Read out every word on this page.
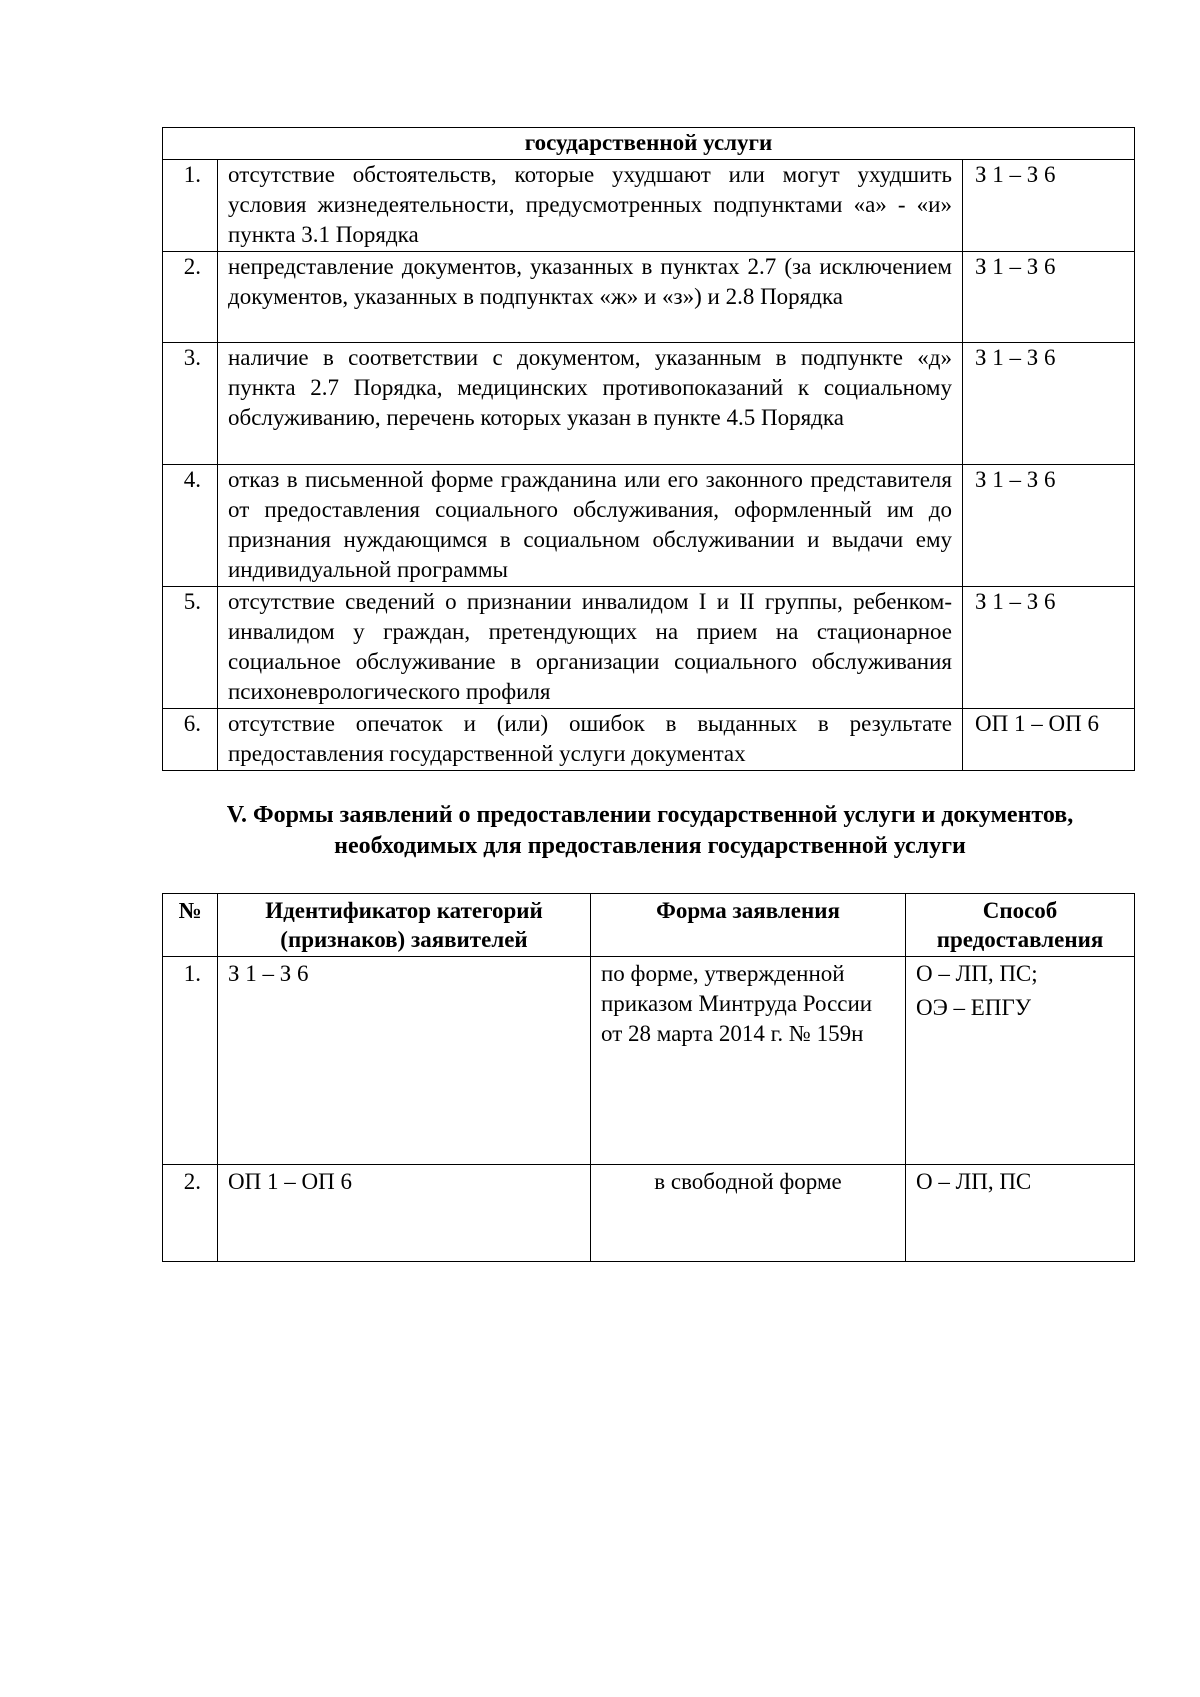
государственной услуги		
1.	отсутствие обстоятельств, которые ухудшают или могут ухудшить условия жизнедеятельности, предусмотренных подпунктами «а» - «и» пункта 3.1 Порядка	З 1 – З 6
2.	непредставление документов, указанных в пунктах 2.7 (за исключением документов, указанных в подпунктах «ж» и «з») и 2.8 Порядка	З 1 – З 6
3.	наличие в соответствии с документом, указанным в подпункте «д» пункта 2.7 Порядка, медицинских противопоказаний к социальному обслуживанию, перечень которых указан в пункте 4.5 Порядка	З 1 – З 6
4.	отказ в письменной форме гражданина или его законного представителя от предоставления социального обслуживания, оформленный им до признания нуждающимся в социальном обслуживании и выдачи ему индивидуальной программы	З 1 – З 6
5.	отсутствие сведений о признании инвалидом I и II группы, ребенком-инвалидом у граждан, претендующих на прием на стационарное социальное обслуживание в организации социального обслуживания психоневрологического профиля	З 1 – З 6
6.	отсутствие опечаток и (или) ошибок в выданных в результате предоставления государственной услуги документах	ОП 1 – ОП 6
V. Формы заявлений о предоставлении государственной услуги и документов,
необходимых для предоставления государственной услуги
№	Идентификатор категорий (признаков) заявителей	Форма заявления	Способ предоставления
1.	З 1 – З 6	по форме, утвержденной приказом Минтруда России от 28 марта 2014 г. № 159н	О – ЛП, ПС;
ОЭ – ЕПГУ

2.	ОП 1 – ОП 6	в свободной форме	О – ЛП, ПС
